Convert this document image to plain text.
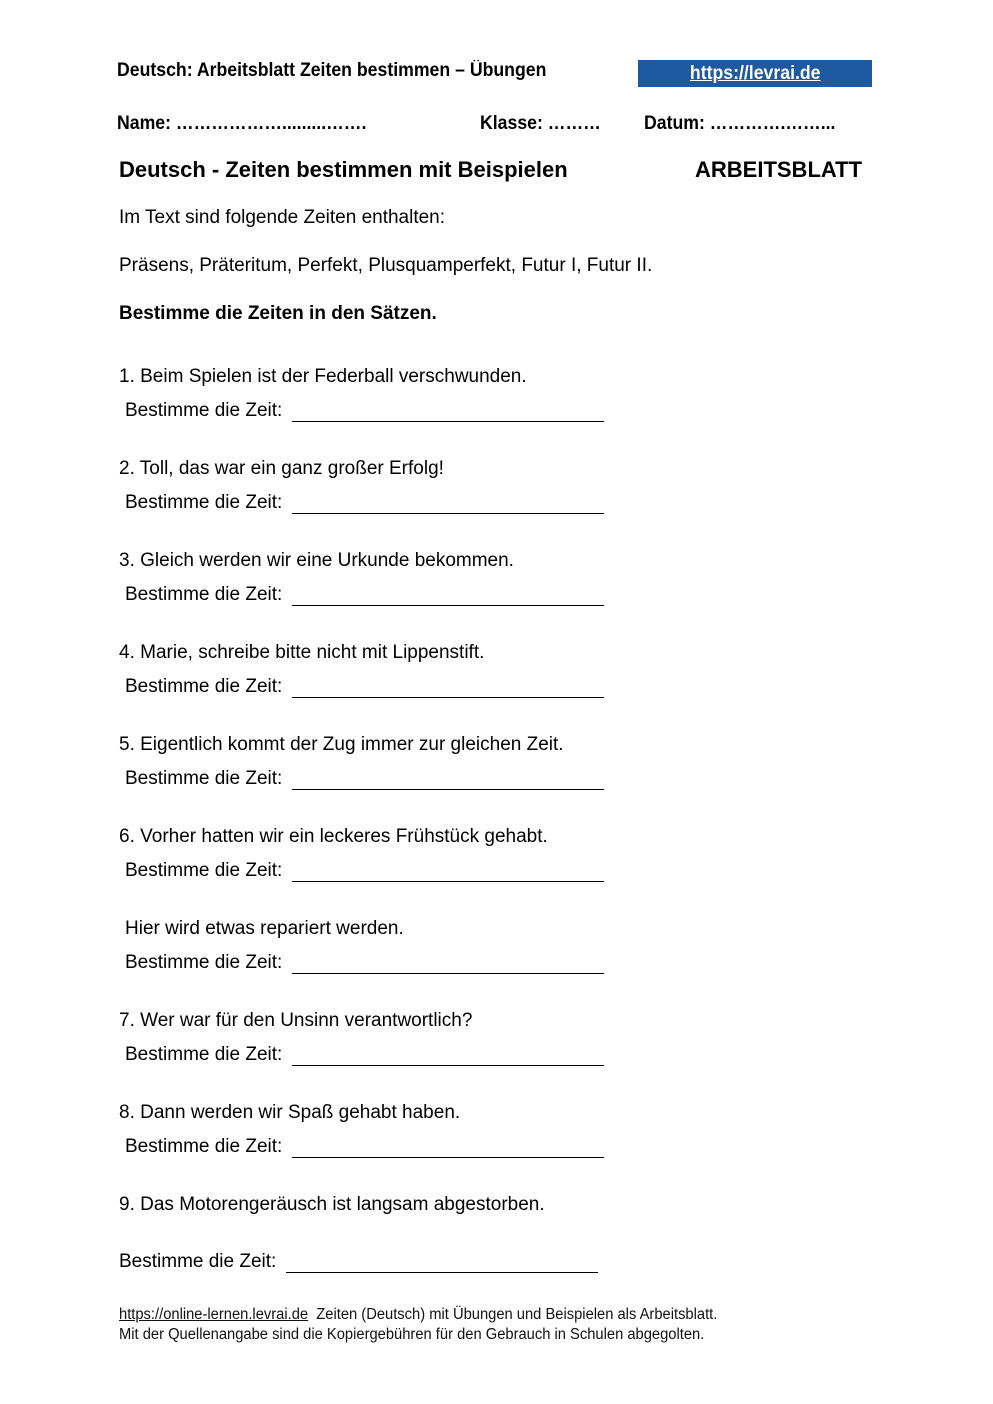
Deutsch: Arbeitsblatt Zeiten bestimmen – Übungen	https://levrai.de
Name: ……………….........…….	Klasse: ……… Datum: ………….……...
Deutsch - Zeiten bestimmen mit Beispielen	ARBEITSBLATT
Im Text sind folgende Zeiten enthalten:
Präsens, Präteritum, Perfekt, Plusquamperfekt, Futur I, Futur II.
Bestimme die Zeiten in den Sätzen.
1. Beim Spielen ist der Federball verschwunden.
Bestimme die Zeit:
2. Toll, das war ein ganz großer Erfolg!
Bestimme die Zeit:
3. Gleich werden wir eine Urkunde bekommen.
Bestimme die Zeit:
4. Marie, schreibe bitte nicht mit Lippenstift.
Bestimme die Zeit:
5. Eigentlich kommt der Zug immer zur gleichen Zeit.
Bestimme die Zeit:
6. Vorher hatten wir ein leckeres Frühstück gehabt.
Bestimme die Zeit:
Hier wird etwas repariert werden.
Bestimme die Zeit:
7. Wer war für den Unsinn verantwortlich?
Bestimme die Zeit:
8. Dann werden wir Spaß gehabt haben.
Bestimme die Zeit:
9. Das Motorengeräusch ist langsam abgestorben.
Bestimme die Zeit:
https://online-lernen.levrai.de Zeiten (Deutsch) mit Übungen und Beispielen als Arbeitsblatt.
Mit der Quellenangabe sind die Kopiergebühren für den Gebrauch in Schulen abgegolten.
